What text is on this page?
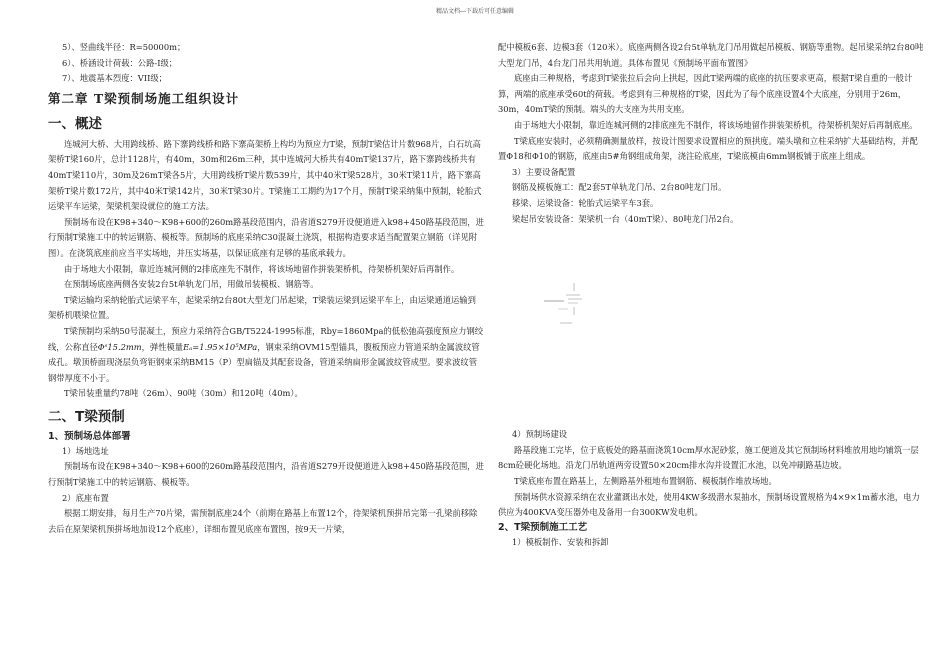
精品文档---下载后可任意编辑

5）、竖曲线半径：R=50000m；

6）、桥涵设计荷载：公路-Ⅰ级；

7）、地震基本烈度：VII级；

第二章 T梁预制场施工组织设计
一、概述

连城河大桥、大用跨线桥、路下寨跨线桥和路下寨高架桥上构均为预应力T梁，预制T梁估计片数968片，白石坑高架桥T梁160片，总计1128片，有40m，30m和26m三种，其中连城河大桥共有40mT梁137片，路下寨跨线桥共有40mT梁110片，30m及26mT梁各5片，大用跨线桥T梁片数539片，其中40米T梁528片，30米T梁11片，路下寨高架桥T梁片数172片，其中40米T梁142片，30米T梁30片。T梁施工工期约为17个月，预制T梁采纳集中预制，轮胎式运梁平车运梁，架梁机架设就位的施工方法。

预制场布设在K98+340～K98+600的260m路基段范围内，沿省道S279开设便道进入k98+450路基段范围，进行预制T梁施工中的转运钢筋、模板等。预制场的底座采纳C30混凝土浇筑，根据构造要求适当配置架立钢筋（详见附图）。在浇筑底座前应当平实场地，并压实场基，以保证底座有足够的基底承载力。

由于场地大小限制，靠近连城河侧的2排底座先不制作，将该场地留作拼装架桥机，待架桥机架好后再制作。

在预制场底座两侧各安装2台5t单轨龙门吊，用做吊装模板、钢筋等。

T梁运输均采纳轮胎式运梁平车，起梁采纳2台80t大型龙门吊起梁，T梁装运梁到运梁平车上，由运梁通道运输到架桥机喂梁位置。

T梁预制均采纳50号混凝土，预应力采纳符合GB/T5224-1995标准，Rby=1860Mpa的低松弛高强度预应力钢绞线，公称直径Φˢ15.2mm，弹性模量Eₐ=1.95×10⁵MPa，钢束采纳OVM15型锚具，腹板预应力管道采纳金属波纹管成孔。墩顶桥面现浇层负弯钜钢束采纳BM15（P）型扁锚及其配套设备，管道采纳扁形金属波纹管成型。要求波纹管钢带厚度不小于。

T梁吊装重量约78吨（26m）、90吨（30m）和120吨（40m）。

二、T梁预制
1、预制场总体部署

1）场地选址

预制场布设在K98+340～K98+600的260m路基段范围内，沿省道S279开设便道进入k98+450路基段范围，进行预制T梁施工中的转运钢筋、模板等。

2）底座布置

根据工期安排，每月生产70片梁，需预制底座24个（前期在路基上布置12个，待架梁机预拼吊完第一孔梁前移除去后在原架梁机预拼场地加设12个底座），详细布置见底座布置图，按9天一片梁，

配中模板6套、边模3套（120米）。底座两侧各设2台5t单轨龙门吊用做起吊模板、钢筋等重物。起吊梁采纳2台80吨大型龙门吊，4台龙门吊共用轨道。具体布置见《预制场平面布置图》

底座由三种规格，考虑到T梁张拉后会向上拱起，因此T梁两端的底座的抗压要求更高，根据T梁自重的一般计算，两端的底座承受60t的荷载。考虑到有三种规格的T梁，因此为了每个底座设置4个大底座，分别用于26m，30m，40mT梁的预制。端头的大支座为共用支座。

由于场地大小限制，靠近连城河侧的2排底座先不制作，将该场地留作拼装架桥机，待架桥机架好后再制底座。

T梁底座安装时，必须精确测量放样，按设计图要求设置相应的预拱度。端头墩和立柱采纳扩大基础结构，并配置Φ18和Φ10的钢筋，底座由5#角钢组成角架，浇注砼底座，T梁底模由6mm钢板铺于底座上组成。

3）主要设备配置

钢筋及模板施工：配2套5T单轨龙门吊、2台80吨龙门吊。

移梁、运梁设备：轮胎式运梁平车3套。

梁起吊安装设备：架梁机一台（40mT梁）、80吨龙门吊2台。

4）预制场建设

路基段施工完毕，位于底板处的路基面浇筑10cm厚水泥砂浆，施工便道及其它预制场材料堆放用地均铺筑一层8cm砼硬化场地。沿龙门吊轨道两旁设置50×20cm排水沟并设置汇水池，以免冲刷路基边坡。

T梁底座布置在路基上，左侧路基外租地布置钢筋、模板制作堆放场地。

预制场供水资源采纳在农业灌溉出水处，使用4KW多级潜水泵抽水，预制场设置规格为4×9×1m蓄水池，电力供应为400KVA变压器外电及备用一台300KW发电机。

2、T梁预制施工工艺

1）模板制作、安装和拆卸
